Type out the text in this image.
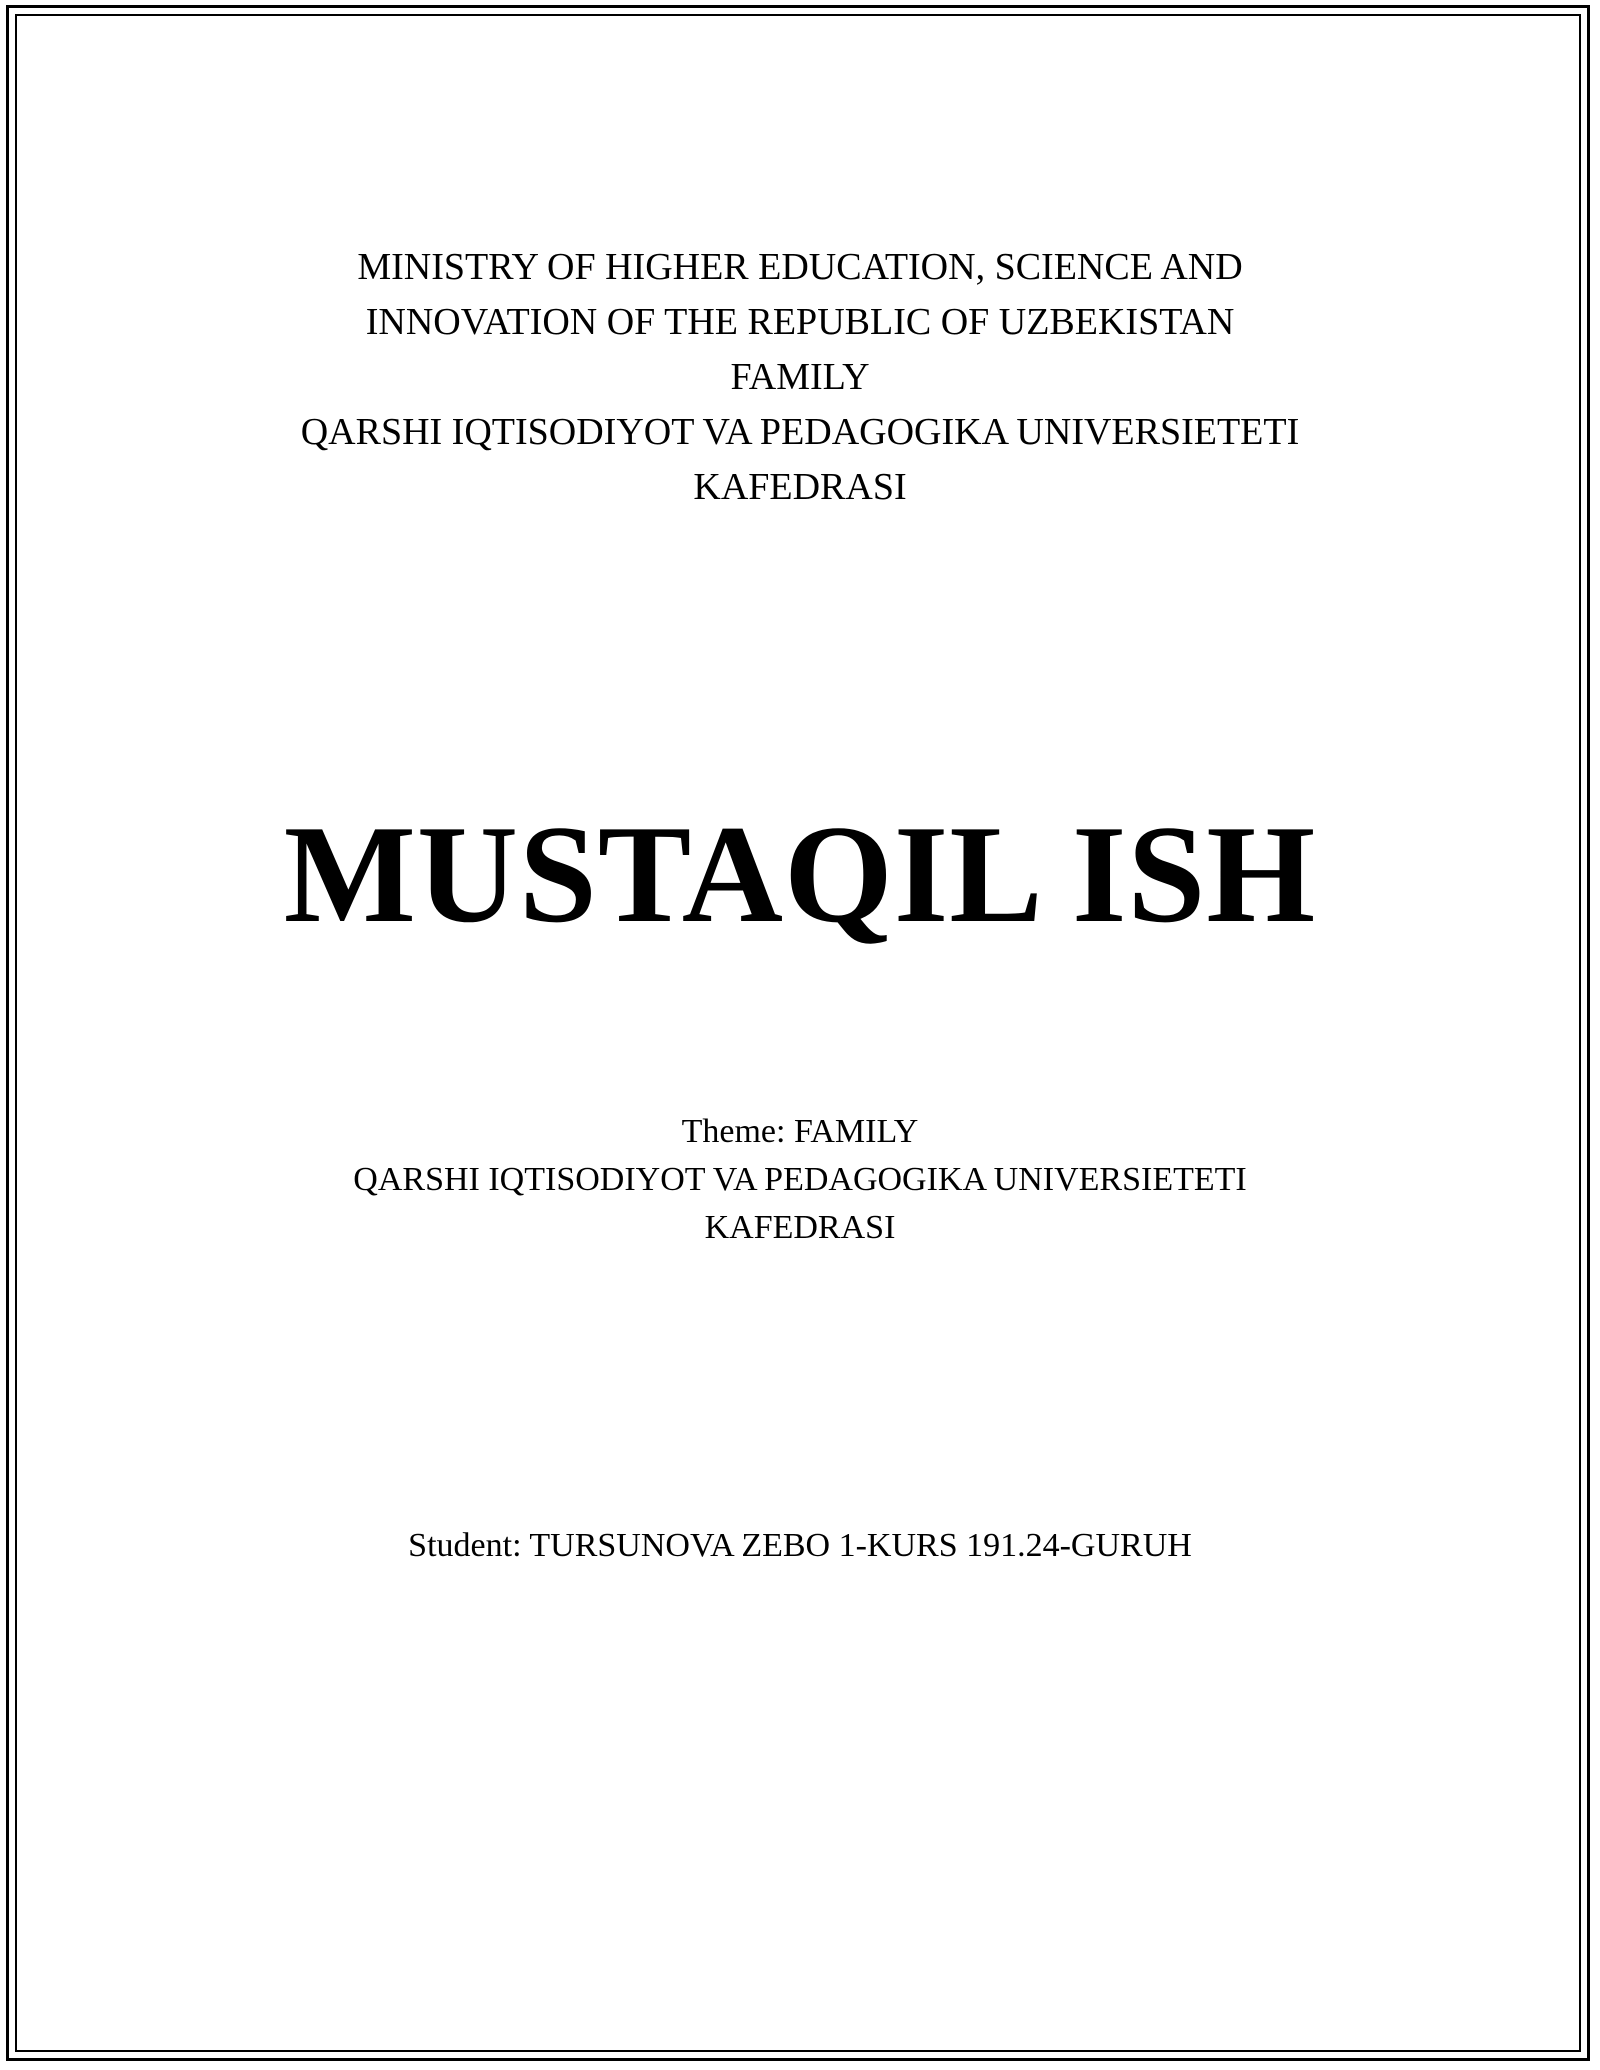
MINISTRY OF HIGHER EDUCATION, SCIENCE AND
INNOVATION OF THE REPUBLIC OF UZBEKISTAN
FAMILY
QARSHI IQTISODIYOT VA PEDAGOGIKA UNIVERSIETETI
KAFEDRASI
MUSTAQIL ISH
Theme: FAMILY
QARSHI IQTISODIYOT VA PEDAGOGIKA UNIVERSIETETI
KAFEDRASI
Student: TURSUNOVA ZEBO 1-KURS 191.24-GURUH
